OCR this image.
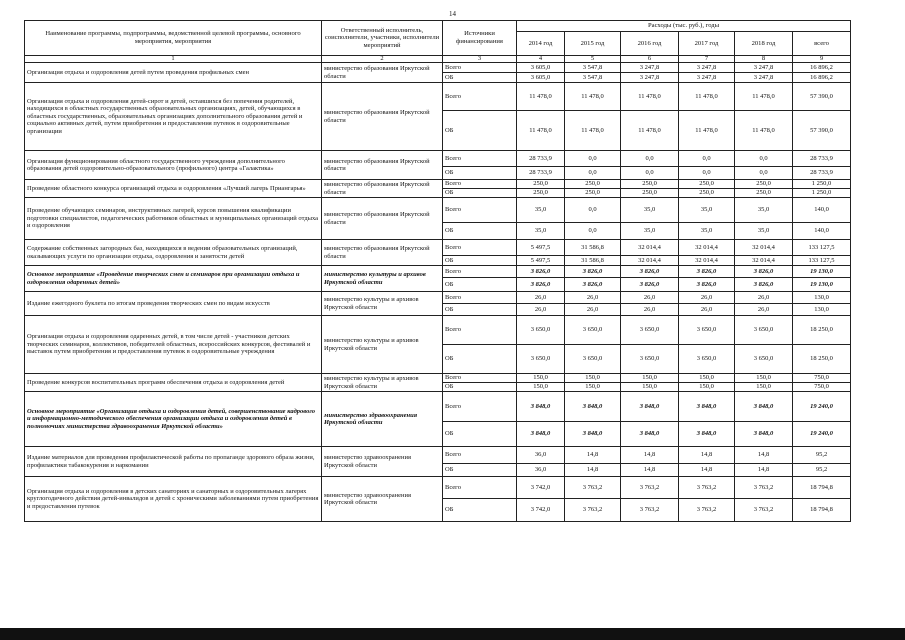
14
Наименование программы, подпрограммы, ведомственной целевой программы, основного мероприятия, мероприятия	Ответственный исполнитель, соисполнители, участники, исполнители мероприятий	Источники финансирования	Расходы (тыс. руб.), годы					
			2014 год	2015 год	2016 год	2017 год	2018 год	всего
1	2	3	4	5	6	7	8	9
Организация отдыха и оздоровления детей путем проведения профильных смен	министерство образования Иркутской области	Всего	3 605,0	3 547,8	3 247,8	3 247,8	3 247,8	16 896,2
		ОБ	3 605,0	3 547,8	3 247,8	3 247,8	3 247,8	16 896,2
Организация отдыха и оздоровления детей-сирот и детей, оставшихся без попечения родителей, находящихся в областных государственных образовательных организациях, детей, обучающихся в областных государственных, образовательных организациях дополнительного образования детей и социально активных детей, путем приобретения и предоставления путевок в оздоровительные организации	министерство образования Иркутской области	Всего	11 478,0	11 478,0	11 478,0	11 478,0	11 478,0	57 390,0
		ОБ	11 478,0	11 478,0	11 478,0	11 478,0	11 478,0	57 390,0
Организация функционирования областного государственного учреждения дополнительного образования детей оздоровительно-образовательного (профильного) центра «Галактика»	министерство образования Иркутской области	Всего	28 733,9	0,0	0,0	0,0	0,0	28 733,9
		ОБ	28 733,9	0,0	0,0	0,0	0,0	28 733,9
Проведение областного конкурса организаций отдыха и оздоровления «Лучший лагерь Приангарья»	министерство образования Иркутской области	Всего	250,0	250,0	250,0	250,0	250,0	1 250,0
		ОБ	250,0	250,0	250,0	250,0	250,0	1 250,0
Проведение обучающих семинаров, инструктивных лагерей, курсов повышения квалификации подготовки специалистов, педагогических работников областных и муниципальных организаций отдыха и оздоровления	министерство образования Иркутской области	Всего	35,0	0,0	35,0	35,0	35,0	140,0
		ОБ	35,0	0,0	35,0	35,0	35,0	140,0
Содержание собственных загородных баз, находящихся в ведении образовательных организаций, оказывающих услуги по организации отдыха, оздоровления и занятости детей	министерство образования Иркутской области	Всего	5 497,5	31 586,8	32 014,4	32 014,4	32 014,4	133 127,5
		ОБ	5 497,5	31 586,8	32 014,4	32 014,4	32 014,4	133 127,5
Основное мероприятие «Проведение творческих смен и семинаров при организации отдыха и оздоровления одаренных детей»	министерство культуры и архивов Иркутской области	Всего	3 826,0	3 826,0	3 826,0	3 826,0	3 826,0	19 130,0
		ОБ	3 826,0	3 826,0	3 826,0	3 826,0	3 826,0	19 130,0
Издание ежегодного буклета по итогам проведения творческих смен по видам искусств	министерство культуры и архивов Иркутской области	Всего	26,0	26,0	26,0	26,0	26,0	130,0
		ОБ	26,0	26,0	26,0	26,0	26,0	130,0
Организация отдыха и оздоровления одаренных детей, в том числе детей - участников детских творческих семинаров, коллективов, победителей областных, всероссийских конкурсов, фестивалей и выставок путем приобретения и предоставления путевок в оздоровительные учреждения	министерство культуры и архивов Иркутской области	Всего	3 650,0	3 650,0	3 650,0	3 650,0	3 650,0	18 250,0
		ОБ	3 650,0	3 650,0	3 650,0	3 650,0	3 650,0	18 250,0
Проведение конкурсов воспитательных программ обеспечения отдыха и оздоровления детей	министерство культуры и архивов Иркутской области	Всего	150,0	150,0	150,0	150,0	150,0	750,0
		ОБ	150,0	150,0	150,0	150,0	150,0	750,0
Основное мероприятие «Организация отдыха и оздоровления детей, совершенствование кадрового и информационно-методического обеспечения организации отдыха и оздоровления детей в полномочиях министерства здравоохранения Иркутской области»	министерство здравоохранения Иркутской области	Всего	3 848,0	3 848,0	3 848,0	3 848,0	3 848,0	19 240,0
		ОБ	3 848,0	3 848,0	3 848,0	3 848,0	3 848,0	19 240,0
Издание материалов для проведения профилактической работы по пропаганде здорового образа жизни, профилактики табакокурения и наркомании	министерство здравоохранения Иркутской области	Всего	36,0	14,8	14,8	14,8	14,8	95,2
		ОБ	36,0	14,8	14,8	14,8	14,8	95,2
Организация отдыха и оздоровления в детских санаториях и санаторных и оздоровительных лагерях круглогодичного действия детей-инвалидов и детей с хроническими заболеваниями путем приобретения и предоставления путевок	министерство здравоохранения Иркутской области	Всего	3 742,0	3 763,2	3 763,2	3 763,2	3 763,2	18 794,8
		ОБ	3 742,0	3 763,2	3 763,2	3 763,2	3 763,2	18 794,8
